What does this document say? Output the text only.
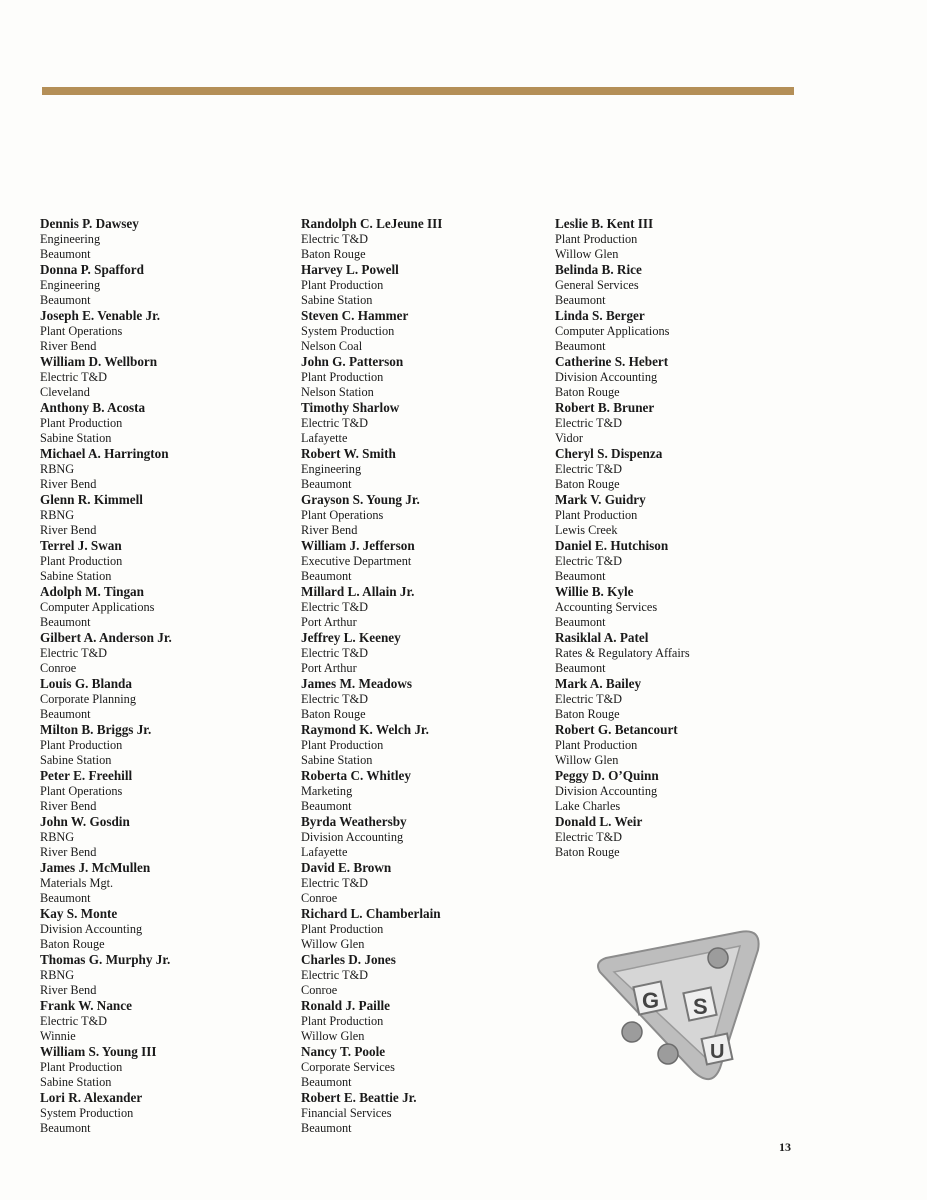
Dennis P. Dawsey
Engineering
Beaumont
Donna P. Spafford
Engineering
Beaumont
Joseph E. Venable Jr.
Plant Operations
River Bend
William D. Wellborn
Electric T&D
Cleveland
Anthony B. Acosta
Plant Production
Sabine Station
Michael A. Harrington
RBNG
River Bend
Glenn R. Kimmell
RBNG
River Bend
Terrel J. Swan
Plant Production
Sabine Station
Adolph M. Tingan
Computer Applications
Beaumont
Gilbert A. Anderson Jr.
Electric T&D
Conroe
Louis G. Blanda
Corporate Planning
Beaumont
Milton B. Briggs Jr.
Plant Production
Sabine Station
Peter E. Freehill
Plant Operations
River Bend
John W. Gosdin
RBNG
River Bend
James J. McMullen
Materials Mgt.
Beaumont
Kay S. Monte
Division Accounting
Baton Rouge
Thomas G. Murphy Jr.
RBNG
River Bend
Frank W. Nance
Electric T&D
Winnie
William S. Young III
Plant Production
Sabine Station
Lori R. Alexander
System Production
Beaumont
Randolph C. LeJeune III
Electric T&D
Baton Rouge
Harvey L. Powell
Plant Production
Sabine Station
Steven C. Hammer
System Production
Nelson Coal
John G. Patterson
Plant Production
Nelson Station
Timothy Sharlow
Electric T&D
Lafayette
Robert W. Smith
Engineering
Beaumont
Grayson S. Young Jr.
Plant Operations
River Bend
William J. Jefferson
Executive Department
Beaumont
Millard L. Allain Jr.
Electric T&D
Port Arthur
Jeffrey L. Keeney
Electric T&D
Port Arthur
James M. Meadows
Electric T&D
Baton Rouge
Raymond K. Welch Jr.
Plant Production
Sabine Station
Roberta C. Whitley
Marketing
Beaumont
Byrda Weathersby
Division Accounting
Lafayette
David E. Brown
Electric T&D
Conroe
Richard L. Chamberlain
Plant Production
Willow Glen
Charles D. Jones
Electric T&D
Conroe
Ronald J. Paille
Plant Production
Willow Glen
Nancy T. Poole
Corporate Services
Beaumont
Robert E. Beattie Jr.
Financial Services
Beaumont
Leslie B. Kent III
Plant Production
Willow Glen
Belinda B. Rice
General Services
Beaumont
Linda S. Berger
Computer Applications
Beaumont
Catherine S. Hebert
Division Accounting
Baton Rouge
Robert B. Bruner
Electric T&D
Vidor
Cheryl S. Dispenza
Electric T&D
Baton Rouge
Mark V. Guidry
Plant Production
Lewis Creek
Daniel E. Hutchison
Electric T&D
Beaumont
Willie B. Kyle
Accounting Services
Beaumont
Rasiklal A. Patel
Rates & Regulatory Affairs
Beaumont
Mark A. Bailey
Electric T&D
Baton Rouge
Robert G. Betancourt
Plant Production
Willow Glen
Peggy D. O’Quinn
Division Accounting
Lake Charles
Donald L. Weir
Electric T&D
Baton Rouge
G S
U
13
